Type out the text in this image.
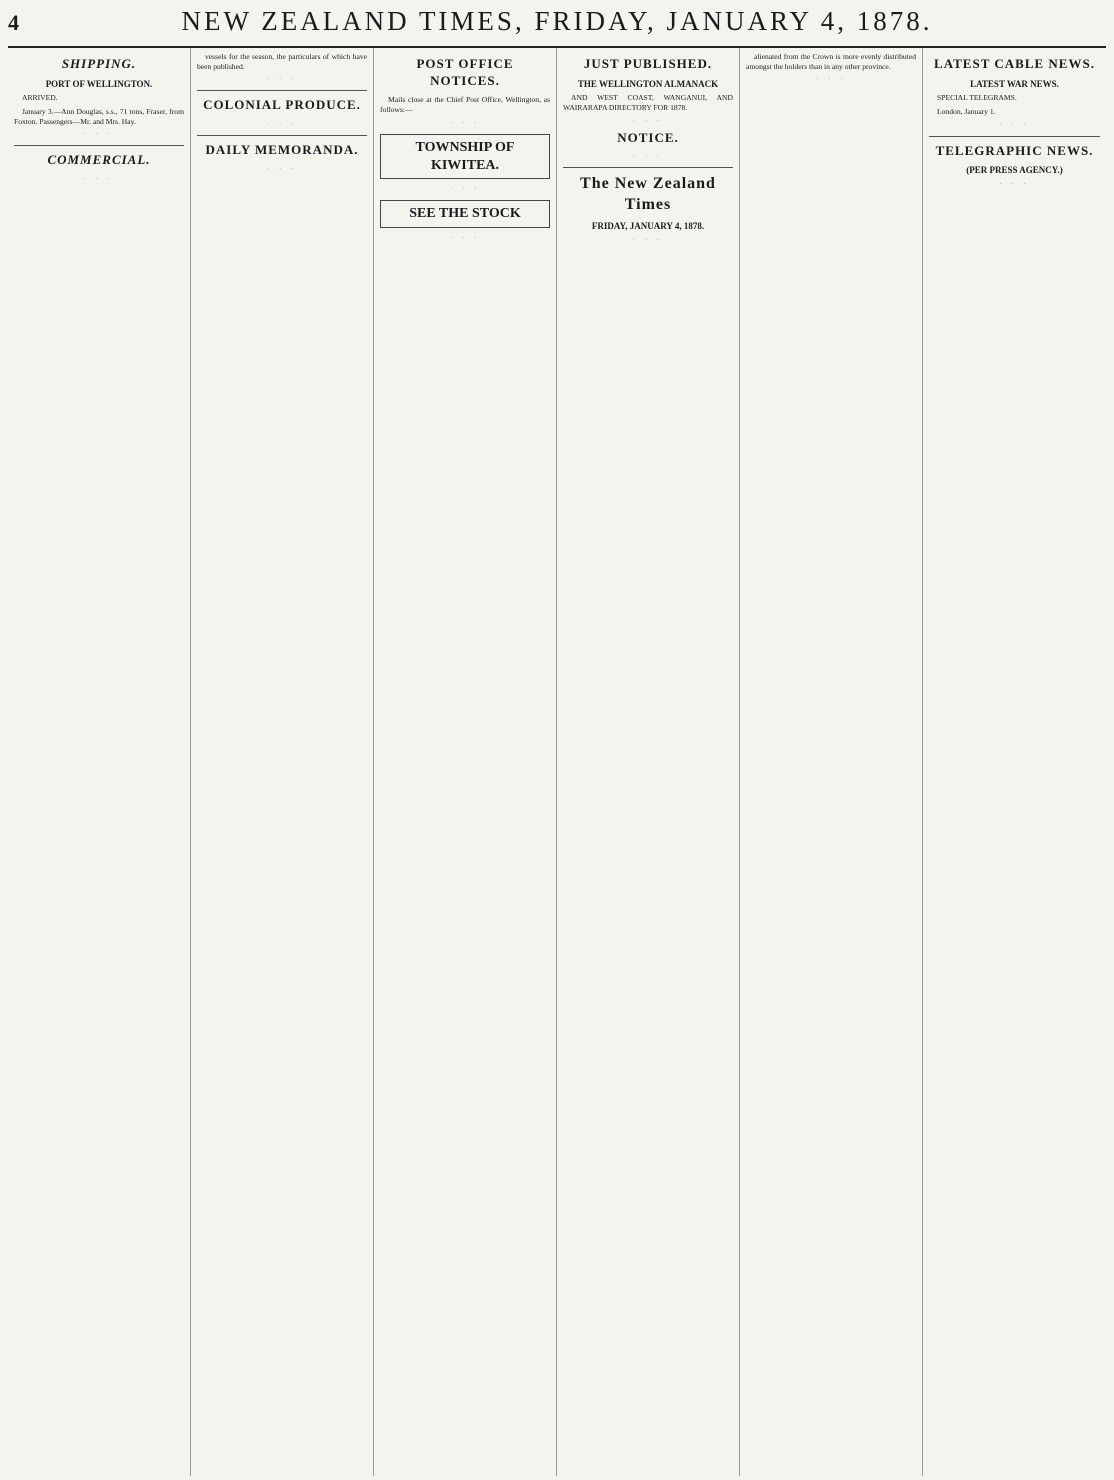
4	NEW ZEALAND TIMES, FRIDAY, JANUARY 4, 1878.
SHIPPING.
PORT OF WELLINGTON.

ARRIVED.

January 3.—Ann Douglas, s.s., 71 tons, Fraser, from Foxton. Passengers—Mr. and Mrs. Hay.

· · ·
COMMERCIAL.
· · ·

vessels for the season, the particulars of which have been published.

· · ·
COLONIAL PRODUCE.
· · ·
DAILY MEMORANDA.
· · ·
POST OFFICE NOTICES.

Mails close at the Chief Post Office, Wellington, as follows:—

· · ·
TOWNSHIP OF KIWITEA.
· · ·
SEE THE STOCK
· · ·
JUST PUBLISHED.
THE WELLINGTON ALMANACK

AND WEST COAST, WANGANUI, AND WAIRARAPA DIRECTORY FOR 1878.

· · ·
NOTICE.
· · ·
The New Zealand Times
FRIDAY, JANUARY 4, 1878.
· · ·

alienated from the Crown is more evenly distributed amongst the holders than in any other province.

· · ·
LATEST CABLE NEWS.
LATEST WAR NEWS.

SPECIAL TELEGRAMS.

London, January 1.

· · ·
TELEGRAPHIC NEWS.
(PER PRESS AGENCY.)
· · ·
